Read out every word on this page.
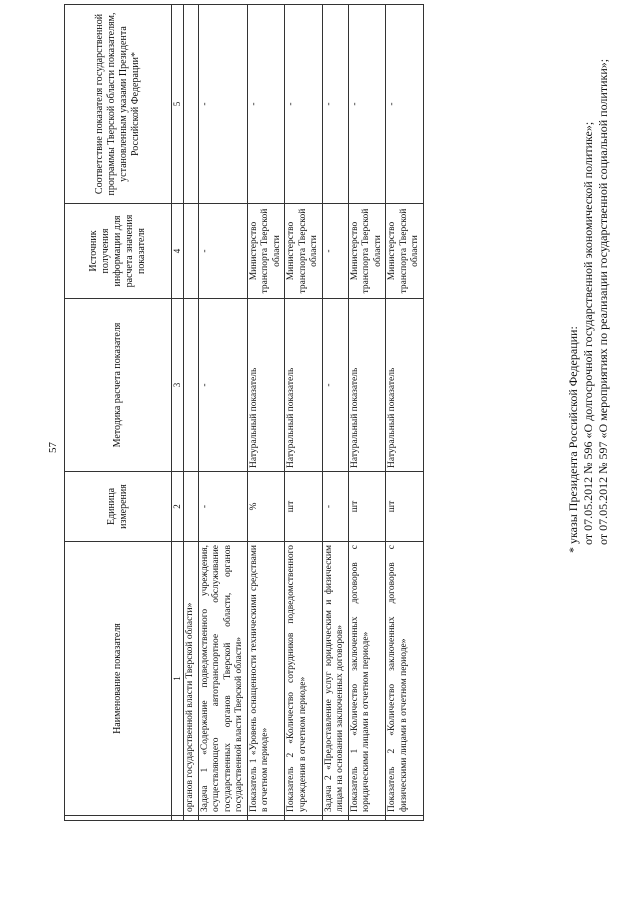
57
	Наименование показателя	Единица измерения	Методика расчета показателя	Источник получения информации для расчета значения показателя	Соответствие показателя государственной программы Тверской области показателям, установленным указами Президента Российской Федерации*
	1	2	3	4	5
	органов государственной власти Тверской области»				
	Задача 1 «Содержание подведомственного учреждения, осуществляющего автотранспортное обслуживание государственных органов Тверской области, органов государственной власти Тверской области»	-	-	-	-
	Показатель 1 «Уровень оснащенности техническими средствами в отчетном периоде»	%	Натуральный показатель	Министерство транспорта Тверской области	-
	Показатель 2 «Количество сотрудников подведомственного учреждения в отчетном периоде»	шт	Натуральный показатель	Министерство транспорта Тверской области	-
	Задача 2 «Предоставление услуг юридическим и физическим лицам на основании заключенных договоров»	-	-	-	-
	Показатель 1 «Количество заключенных договоров с юридическими лицами в отчетном периоде»	шт	Натуральный показатель	Министерство транспорта Тверской области	-
	Показатель 2 «Количество заключенных договоров с физическими лицами в отчетном периоде»	шт	Натуральный показатель	Министерство транспорта Тверской области	-
* указы Президента Российской Федерации: от 07.05.2012 № 596 «О долгосрочной государственной экономической политике»; от 07.05.2012 № 597 «О мероприятиях по реализации государственной социальной политики»;
